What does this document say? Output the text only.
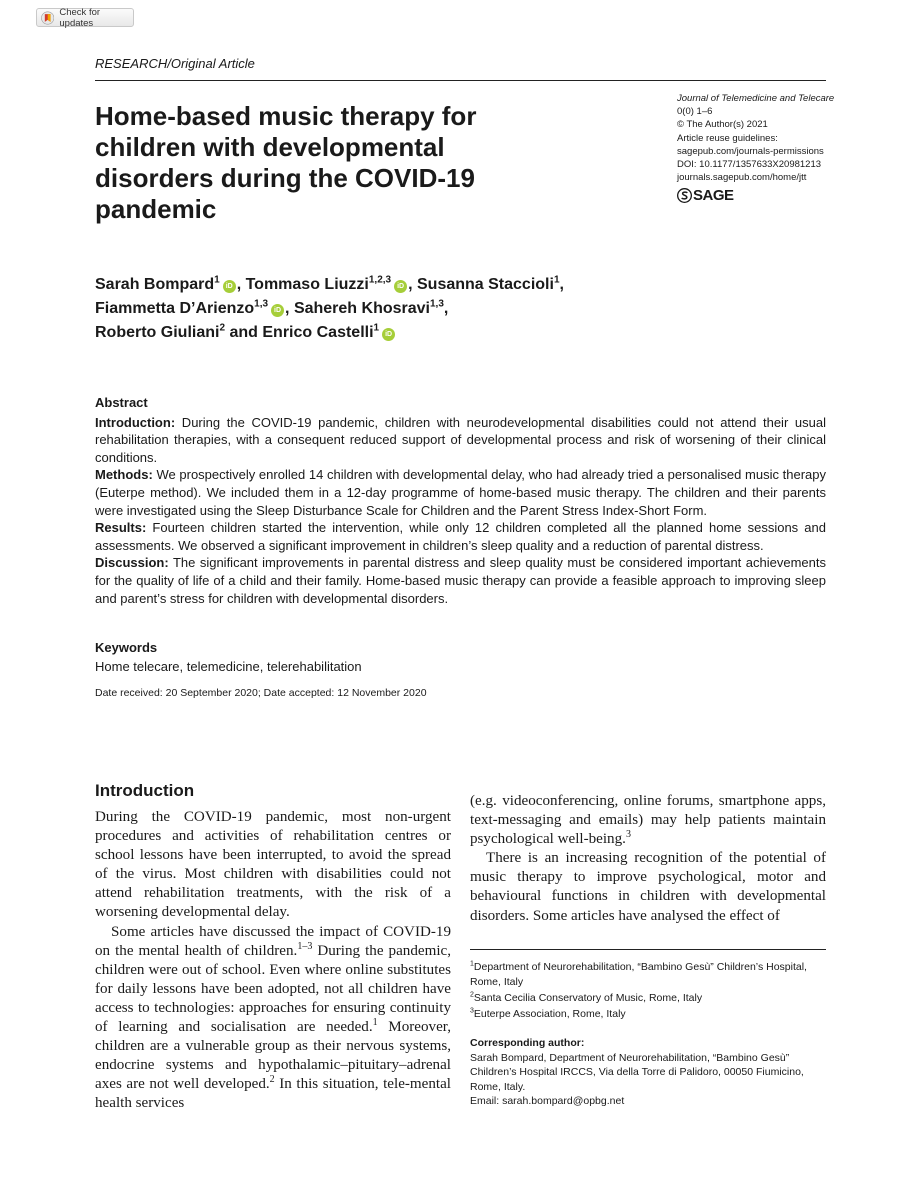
Check for updates
RESEARCH/Original Article
Home-based music therapy for children with developmental disorders during the COVID-19 pandemic
Journal of Telemedicine and Telecare
0(0) 1–6
© The Author(s) 2021
Article reuse guidelines:
sagepub.com/journals-permissions
DOI: 10.1177/1357633X20981213
journals.sagepub.com/home/jtt
SAGE
Sarah Bompard$^1$iD , Tommaso Liuzzi$^{1,2,3}$iD , Susanna Staccioli$^1$,
Fiammetta D’Arienzo$^{1,3}$iD , Sahereh Khosravi$^{1,3}$,
Roberto Giuliani$^2$ and Enrico Castelli$^1$iD
Abstract

Introduction: During the COVID-19 pandemic, children with neurodevelopmental disabilities could not attend their usual rehabilitation therapies, with a consequent reduced support of developmental process and risk of worsening of their clinical conditions.

Methods: We prospectively enrolled 14 children with developmental delay, who had already tried a personalised music therapy (Euterpe method). We included them in a 12-day programme of home-based music therapy. The children and their parents were investigated using the Sleep Disturbance Scale for Children and the Parent Stress Index-Short Form.

Results: Fourteen children started the intervention, while only 12 children completed all the planned home sessions and assessments. We observed a significant improvement in children’s sleep quality and a reduction of parental distress.

Discussion: The significant improvements in parental distress and sleep quality must be considered important achievements for the quality of life of a child and their family. Home-based music therapy can provide a feasible approach to improving sleep and parent’s stress for children with developmental disorders.

Keywords
Home telecare, telemedicine, telerehabilitation
Date received: 20 September 2020; Date accepted: 12 November 2020
Introduction

During the COVID-19 pandemic, most non-urgent procedures and activities of rehabilitation centres or school lessons have been interrupted, to avoid the spread of the virus. Most children with disabilities could not attend rehabilitation treatments, with the risk of a worsening developmental delay.

Some articles have discussed the impact of COVID-19 on the mental health of children.$^{1-3}$ During the pandemic, children were out of school. Even where online substitutes for daily lessons have been adopted, not all children have access to technologies: approaches for ensuring continuity of learning and socialisation are needed.$^1$ Moreover, children are a vulnerable group as their nervous systems, endocrine systems and hypothalamic–pituitary–adrenal axes are not well developed.$^2$ In this situation, tele-mental health services

(e.g. videoconferencing, online forums, smartphone apps, text-messaging and emails) may help patients maintain psychological well-being.$^3$

There is an increasing recognition of the potential of music therapy to improve psychological, motor and behavioural functions in children with developmental disorders. Some articles have analysed the effect of

$^1$Department of Neurorehabilitation, “Bambino Gesù” Children’s Hospital, Rome, Italy
$^2$Santa Cecilia Conservatory of Music, Rome, Italy
$^3$Euterpe Association, Rome, Italy
Corresponding author:
Sarah Bompard, Department of Neurorehabilitation, “Bambino Gesù” Children’s Hospital IRCCS, Via della Torre di Palidoro, 00050 Fiumicino, Rome, Italy.
Email: sarah.bompard@opbg.net
